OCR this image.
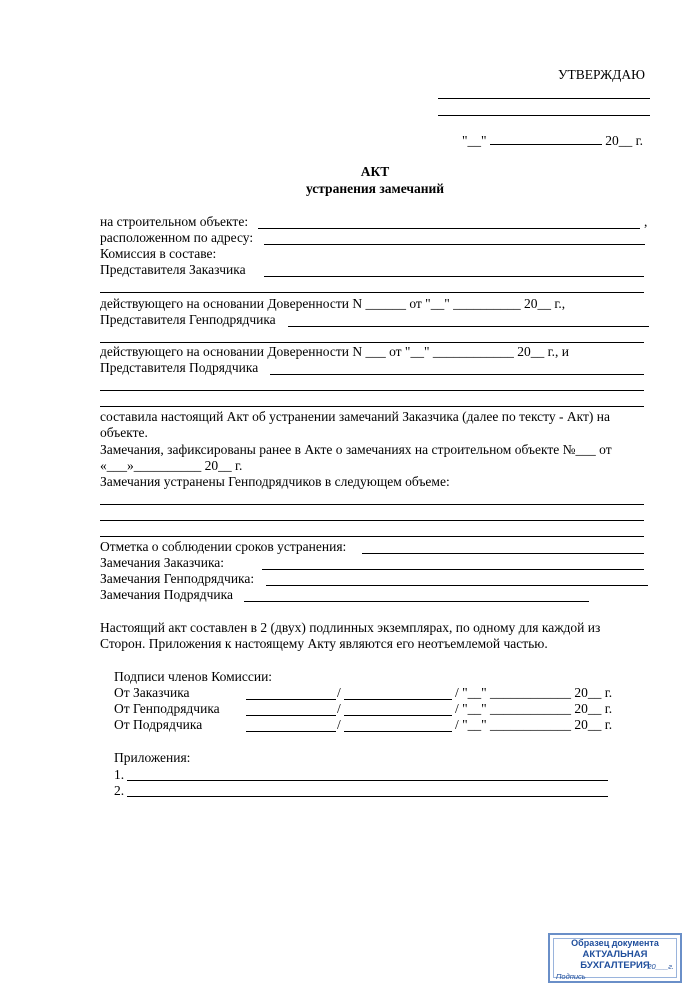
УТВЕРЖДАЮ
"__"	20__ г.
АКТ
устранения замечаний
на строительном объекте:	,
расположенном по адресу:
Комиссия в составе:
Представителя Заказчика
действующего на основании Доверенности N ______ от "__" __________ 20__ г.,
Представителя Генподрядчика
действующего на основании Доверенности N ___ от "__" ____________ 20__ г., и
Представителя Подрядчика
составила настоящий Акт об устранении замечаний Заказчика (далее по тексту - Акт) на
объекте.
Замечания, зафиксированы ранее в Акте о замечаниях на строительном объекте №___ от
«___»__________ 20__ г.
Замечания устранены Генподрядчиков в следующем объеме:
Отметка о соблюдении сроков устранения:
Замечания Заказчика:
Замечания Генподрядчика:
Замечания Подрядчика
Настоящий акт составлен в 2 (двух) подлинных экземплярах, по одному для каждой из
Сторон. Приложения к настоящему Акту являются его неотъемлемой частью.
Подписи членов Комиссии:
От Заказчика	/	/ "__" ____________ 20__ г.
От Генподрядчика	/	/ "__" ____________ 20__ г.
От Подрядчика	/	/ "__" ____________ 20__ г.
Приложения:
1.
2.
Образец документа
АКТУАЛЬНАЯ БУХГАЛТЕРИЯ
20___г.
Подпись
